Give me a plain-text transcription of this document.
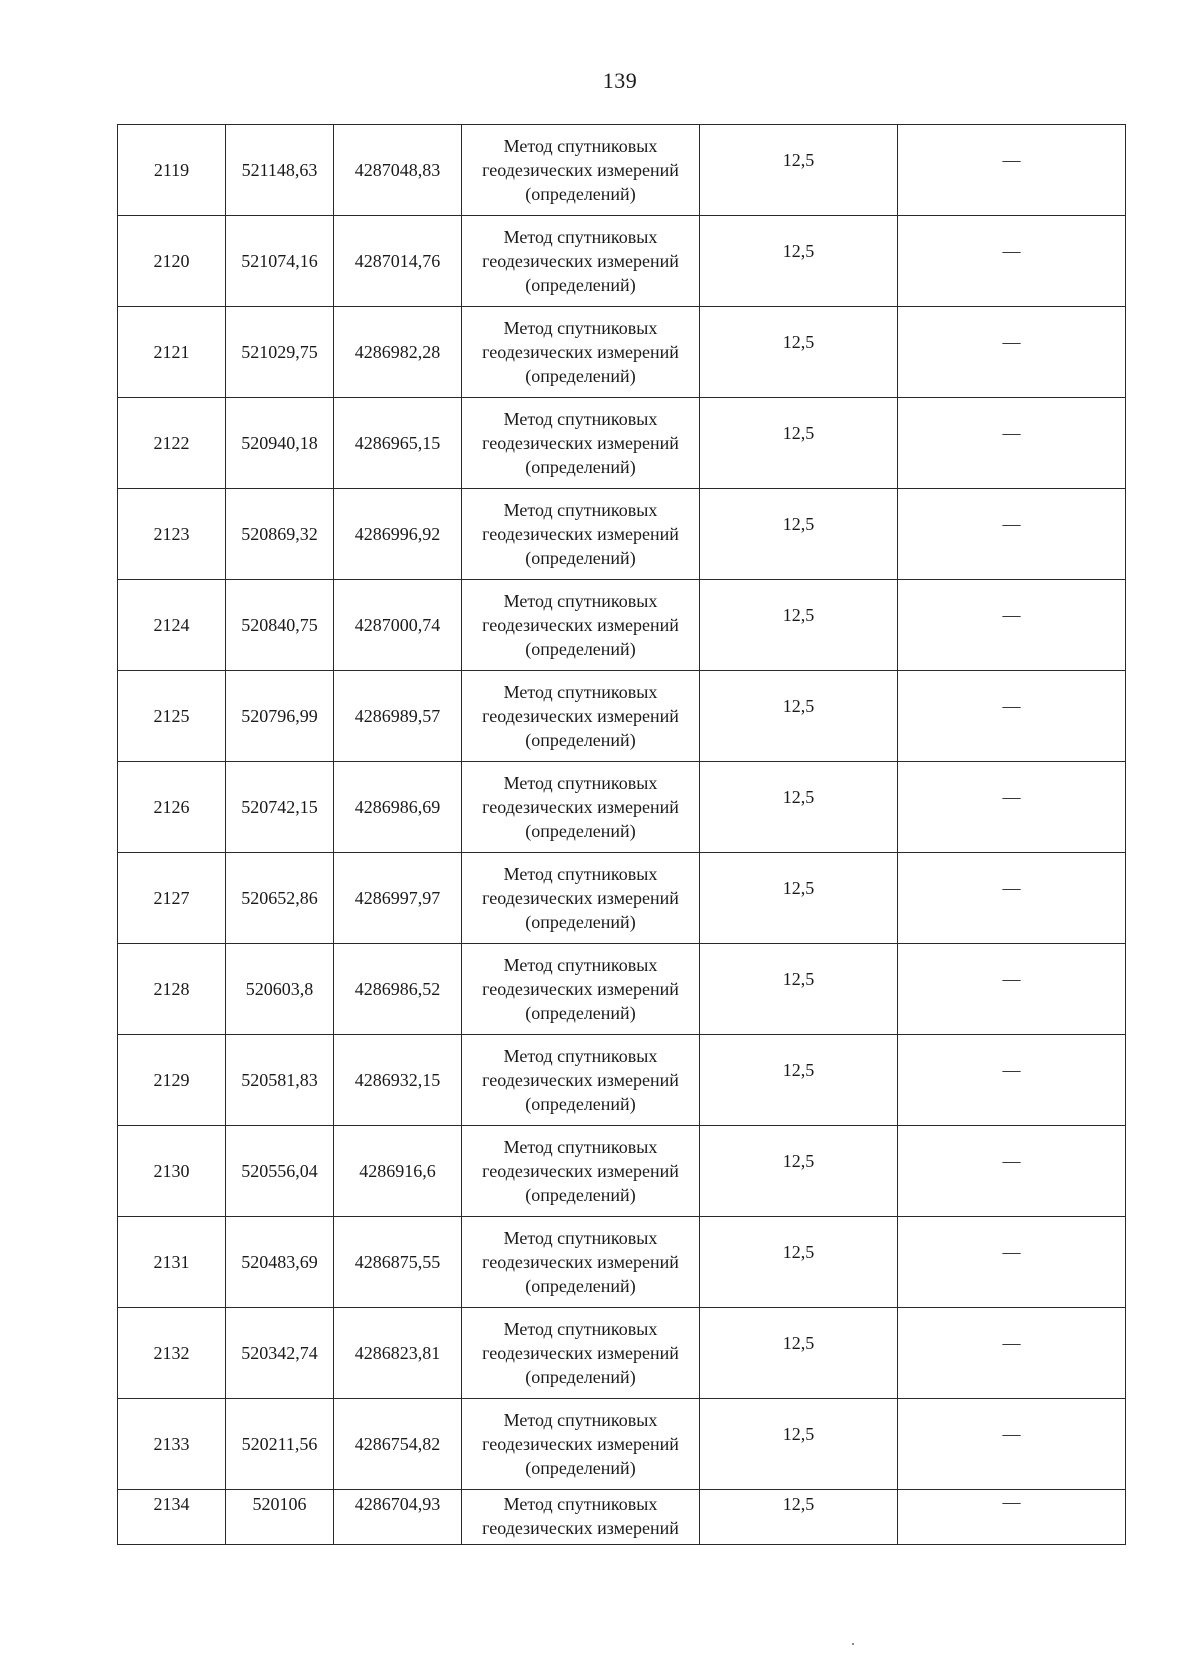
139
2119	521148,63	4287048,83	Метод спутниковых
геодезических измерений
(определений)	12,5	—
2120	521074,16	4287014,76	Метод спутниковых
геодезических измерений
(определений)	12,5	—
2121	521029,75	4286982,28	Метод спутниковых
геодезических измерений
(определений)	12,5	—
2122	520940,18	4286965,15	Метод спутниковых
геодезических измерений
(определений)	12,5	—
2123	520869,32	4286996,92	Метод спутниковых
геодезических измерений
(определений)	12,5	—
2124	520840,75	4287000,74	Метод спутниковых
геодезических измерений
(определений)	12,5	—
2125	520796,99	4286989,57	Метод спутниковых
геодезических измерений
(определений)	12,5	—
2126	520742,15	4286986,69	Метод спутниковых
геодезических измерений
(определений)	12,5	—
2127	520652,86	4286997,97	Метод спутниковых
геодезических измерений
(определений)	12,5	—
2128	520603,8	4286986,52	Метод спутниковых
геодезических измерений
(определений)	12,5	—
2129	520581,83	4286932,15	Метод спутниковых
геодезических измерений
(определений)	12,5	—
2130	520556,04	4286916,6	Метод спутниковых
геодезических измерений
(определений)	12,5	—
2131	520483,69	4286875,55	Метод спутниковых
геодезических измерений
(определений)	12,5	—
2132	520342,74	4286823,81	Метод спутниковых
геодезических измерений
(определений)	12,5	—
2133	520211,56	4286754,82	Метод спутниковых
геодезических измерений
(определений)	12,5	—
2134	520106	4286704,93	Метод спутниковых
геодезических измерений	12,5	—
